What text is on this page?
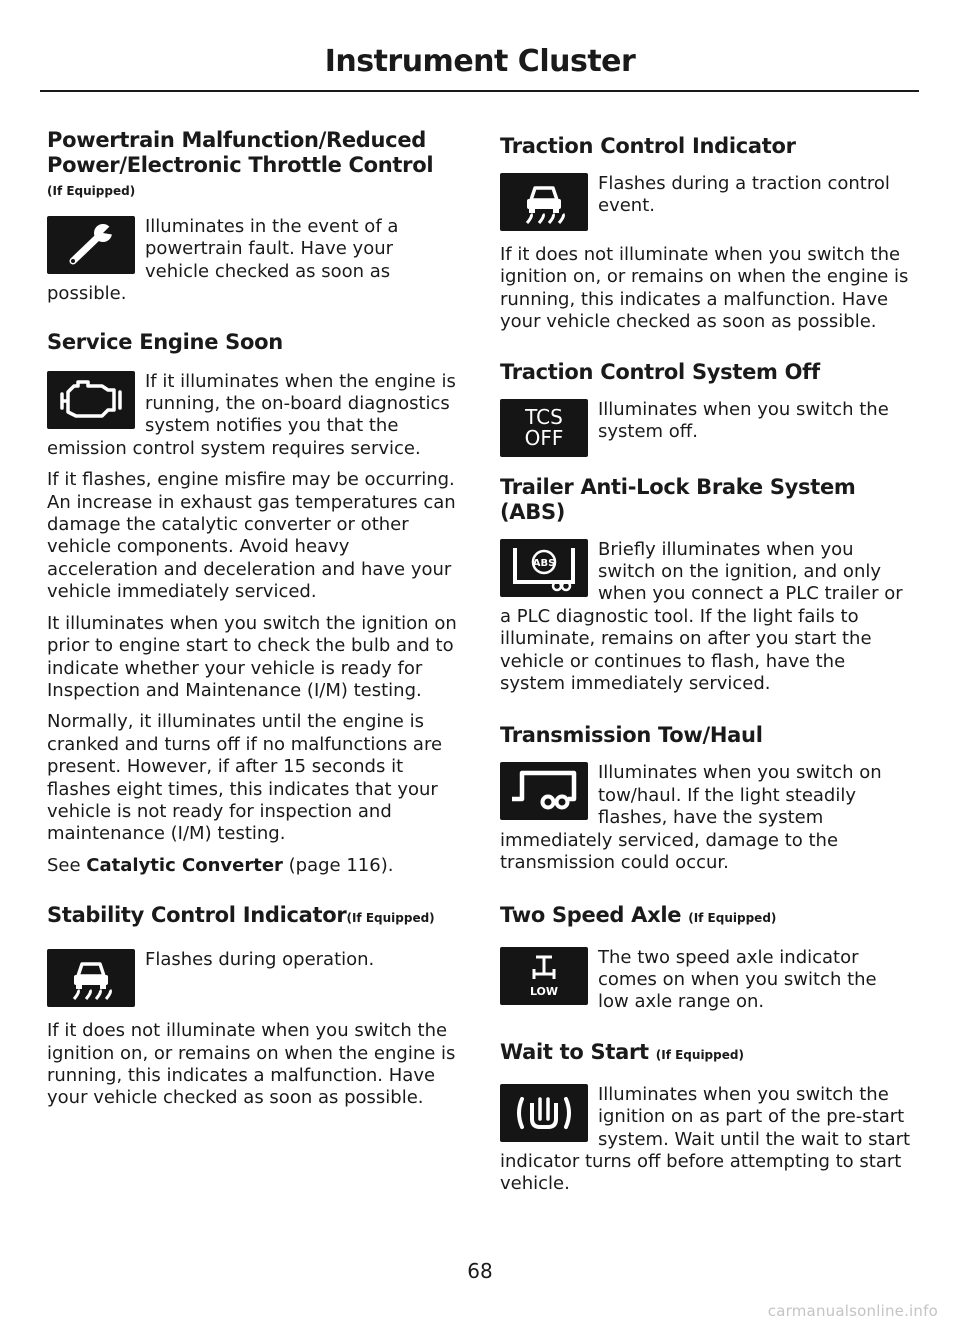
Instrument Cluster
Powertrain Malfunction/Reduced Power/Electronic Throttle Control
(If Equipped)

Illuminates in the event of a powertrain fault. Have your vehicle checked as soon as possible.

Service Engine Soon

If it illuminates when the engine is running, the on-board diagnostics system notifies you that the emission control system requires service.

If it flashes, engine misfire may be occurring. An increase in exhaust gas temperatures can damage the catalytic converter or other vehicle components. Avoid heavy acceleration and deceleration and have your vehicle immediately serviced.

It illuminates when you switch the ignition on prior to engine start to check the bulb and to indicate whether your vehicle is ready for Inspection and Maintenance (I/M) testing.

Normally, it illuminates until the engine is cranked and turns off if no malfunctions are present. However, if after 15 seconds it flashes eight times, this indicates that your vehicle is not ready for inspection and maintenance (I/M) testing.

See Catalytic Converter (page 116).

Stability Control Indicator(If Equipped)

Flashes during operation.

If it does not illuminate when you switch the ignition on, or remains on when the engine is running, this indicates a malfunction. Have your vehicle checked as soon as possible.

Traction Control Indicator

Flashes during a traction control event.

If it does not illuminate when you switch the ignition on, or remains on when the engine is running, this indicates a malfunction. Have your vehicle checked as soon as possible.

Traction Control System Off
TCS
OFF

Illuminates when you switch the system off.

Trailer Anti-Lock Brake System (ABS)
ABS

Briefly illuminates when you switch on the ignition, and only when you connect a PLC trailer or a PLC diagnostic tool. If the light fails to illuminate, remains on after you start the vehicle or continues to flash, have the system immediately serviced.

Transmission Tow/Haul

Illuminates when you switch on tow/haul. If the light steadily flashes, have the system immediately serviced, damage to the transmission could occur.

Two Speed Axle (If Equipped)
LOW

The two speed axle indicator comes on when you switch the low axle range on.

Wait to Start (If Equipped)

Illuminates when you switch the ignition on as part of the pre-start system. Wait until the wait to start indicator turns off before attempting to start vehicle.

68
carmanualsonline.info
